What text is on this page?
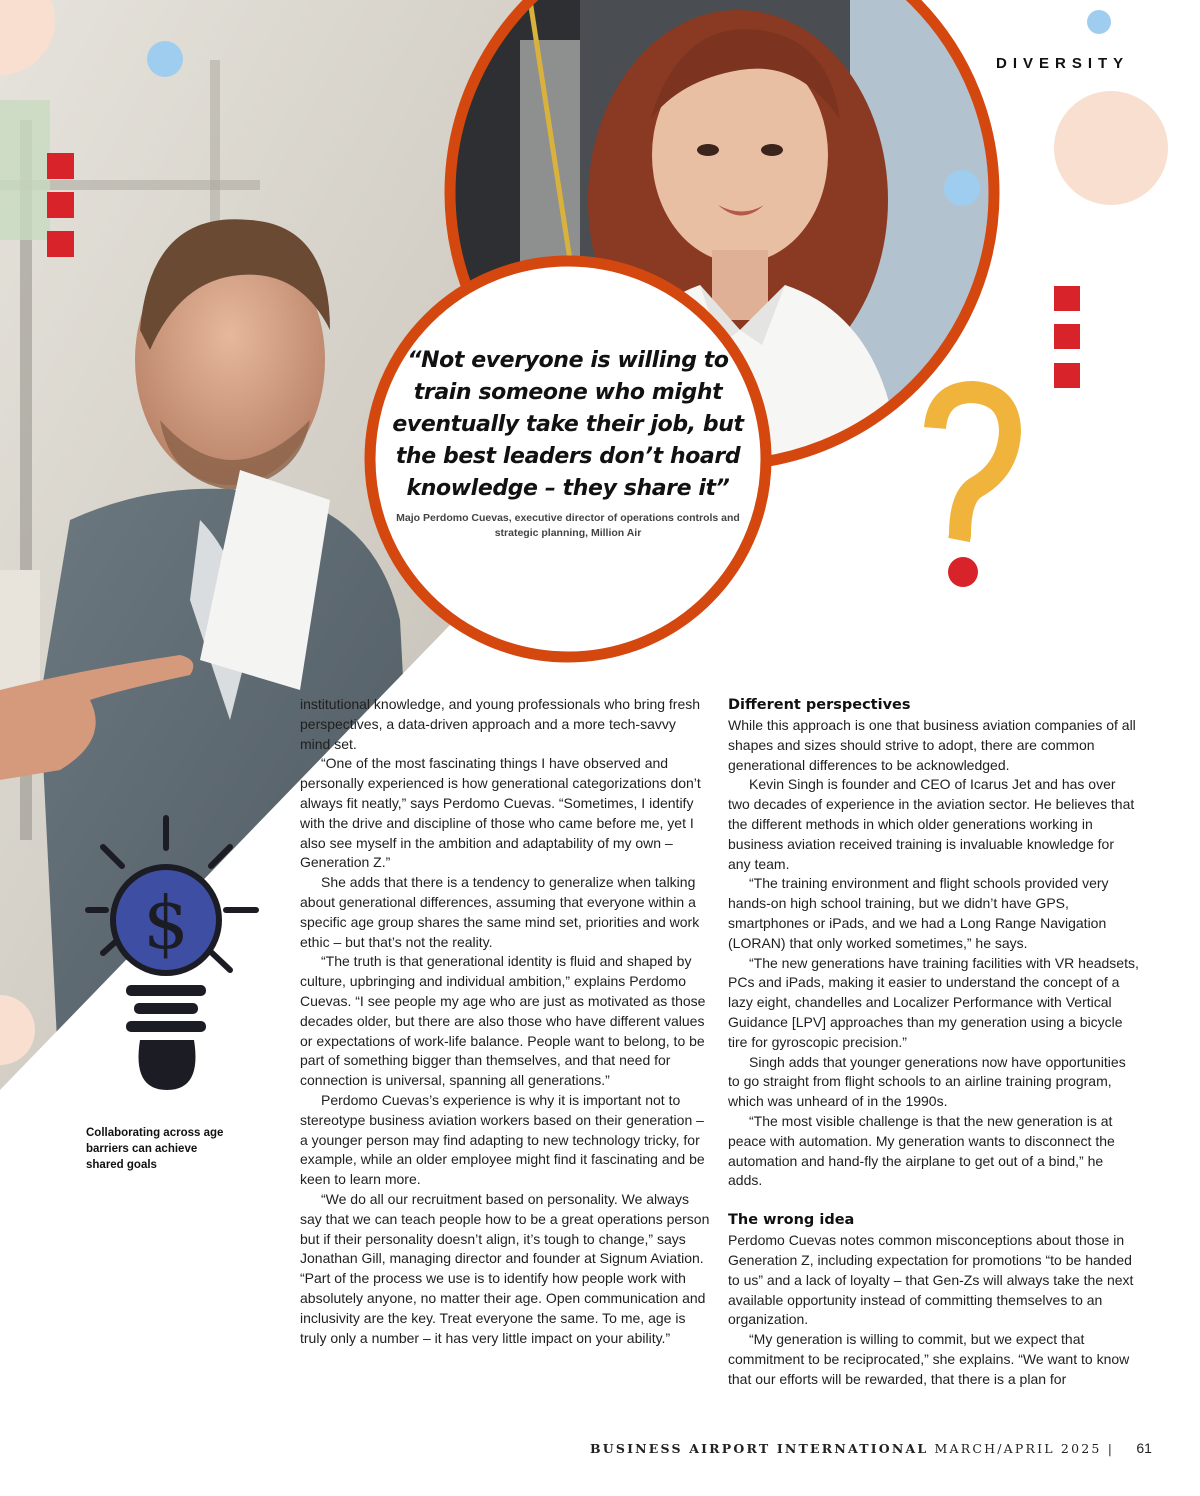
$
DIVERSITY
“Not everyone is willing to train someone who might eventually take their job, but the best leaders don’t hoard knowledge – they share it”
Majo Perdomo Cuevas, executive director of operations controls and strategic planning, Million Air
Collaborating across age barriers can achieve shared goals

institutional knowledge, and young professionals who bring fresh perspectives, a data-driven approach and a more tech-savvy mind set.

“One of the most fascinating things I have observed and personally experienced is how generational categorizations don’t always fit neatly,” says Perdomo Cuevas. “Sometimes, I identify with the drive and discipline of those who came before me, yet I also see myself in the ambition and adaptability of my own – Generation Z.”

She adds that there is a tendency to generalize when talking about generational differences, assuming that everyone within a specific age group shares the same mind set, priorities and work ethic – but that’s not the reality.

“The truth is that generational identity is fluid and shaped by culture, upbringing and individual ambition,” explains Perdomo Cuevas. “I see people my age who are just as motivated as those decades older, but there are also those who have different values or expectations of work-life balance. People want to belong, to be part of something bigger than themselves, and that need for connection is universal, spanning all generations.”

Perdomo Cuevas’s experience is why it is important not to stereotype business aviation workers based on their generation – a younger person may find adapting to new technology tricky, for example, while an older employee might find it fascinating and be keen to learn more.

“We do all our recruitment based on personality. We always say that we can teach people how to be a great operations person but if their personality doesn’t align, it’s tough to change,” says Jonathan Gill, managing director and founder at Signum Aviation. “Part of the process we use is to identify how people work with absolutely anyone, no matter their age. Open communication and inclusivity are the key. Treat everyone the same. To me, age is truly only a number – it has very little impact on your ability.”

Different perspectives

While this approach is one that business aviation companies of all shapes and sizes should strive to adopt, there are common generational differences to be acknowledged.

Kevin Singh is founder and CEO of Icarus Jet and has over two decades of experience in the aviation sector. He believes that the different methods in which older generations working in business aviation received training is invaluable knowledge for any team.

“The training environment and flight schools provided very hands-on high school training, but we didn’t have GPS, smartphones or iPads, and we had a Long Range Navigation (LORAN) that only worked sometimes,” he says.

“The new generations have training facilities with VR headsets, PCs and iPads, making it easier to understand the concept of a lazy eight, chandelles and Localizer Performance with Vertical Guidance [LPV] approaches than my generation using a bicycle tire for gyroscopic precision.”

Singh adds that younger generations now have opportunities to go straight from flight schools to an airline training program, which was unheard of in the 1990s.

“The most visible challenge is that the new generation is at peace with automation. My generation wants to disconnect the automation and hand-fly the airplane to get out of a bind,” he adds.

The wrong idea

Perdomo Cuevas notes common misconceptions about those in Generation Z, including expectation for promotions “to be handed to us” and a lack of loyalty – that Gen-Zs will always take the next available opportunity instead of committing themselves to an organization.

“My generation is willing to commit, but we expect that commitment to be reciprocated,” she explains. “We want to know that our efforts will be rewarded, that there is a plan for

BUSINESS AIRPORT INTERNATIONAL MARCH/APRIL 2025 | 61
